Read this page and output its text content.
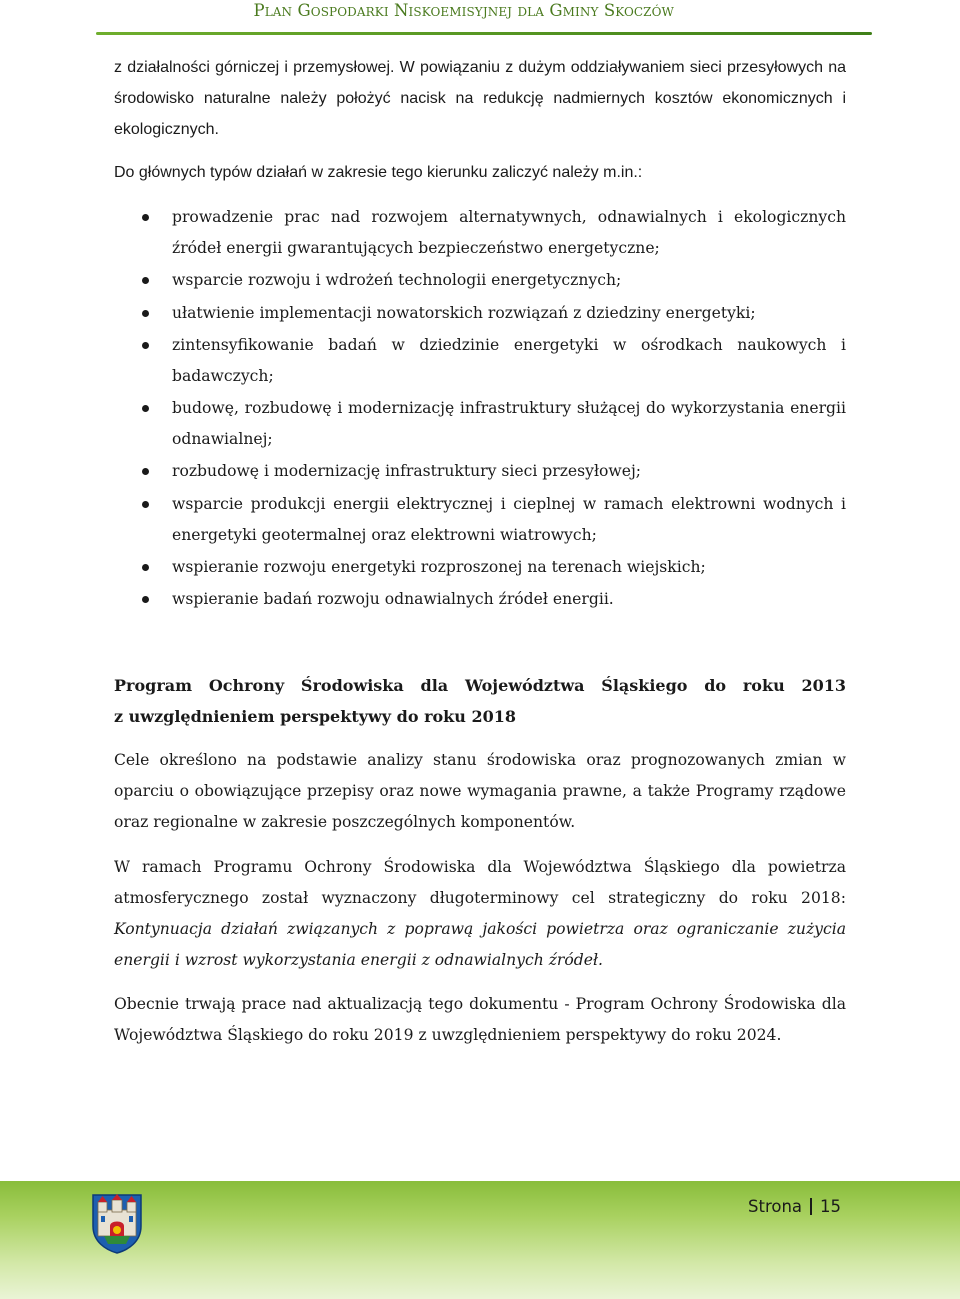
Plan Gospodarki Niskoemisyjnej dla Gminy Skoczów

z działalności górniczej i przemysłowej. W powiązaniu z dużym oddziaływaniem sieci przesyłowych na środowisko naturalne należy położyć nacisk na redukcję nadmiernych kosztów ekonomicznych i ekologicznych.

Do głównych typów działań w zakresie tego kierunku zaliczyć należy m.in.:

prowadzenie prac nad rozwojem alternatywnych, odnawialnych i ekologicznych źródeł energii gwarantujących bezpieczeństwo energetyczne;
wsparcie rozwoju i wdrożeń technologii energetycznych;
ułatwienie implementacji nowatorskich rozwiązań z dziedziny energetyki;
zintensyfikowanie badań w dziedzinie energetyki w ośrodkach naukowych i badawczych;
budowę, rozbudowę i modernizację infrastruktury służącej do wykorzystania energii odnawialnej;
rozbudowę i modernizację infrastruktury sieci przesyłowej;
wsparcie produkcji energii elektrycznej i cieplnej w ramach elektrowni wodnych i energetyki geotermalnej oraz elektrowni wiatrowych;
wspieranie rozwoju energetyki rozproszonej na terenach wiejskich;
wspieranie badań rozwoju odnawialnych źródeł energii.
Program Ochrony Środowiska dla Województwa Śląskiego do roku 2013
z uwzględnieniem perspektywy do roku 2018

Cele określono na podstawie analizy stanu środowiska oraz prognozowanych zmian w oparciu o obowiązujące przepisy oraz nowe wymagania prawne, a także Programy rządowe oraz regionalne w zakresie poszczególnych komponentów.

W ramach Programu Ochrony Środowiska dla Województwa Śląskiego dla powietrza atmosferycznego został wyznaczony długoterminowy cel strategiczny do roku 2018: Kontynuacja działań związanych z poprawą jakości powietrza oraz ograniczanie zużycia energii i wzrost wykorzystania energii z odnawialnych źródeł.

Obecnie trwają prace nad aktualizacją tego dokumentu - Program Ochrony Środowiska dla Województwa Śląskiego do roku 2019 z uwzględnieniem perspektywy do roku 2024.

Strona 15
